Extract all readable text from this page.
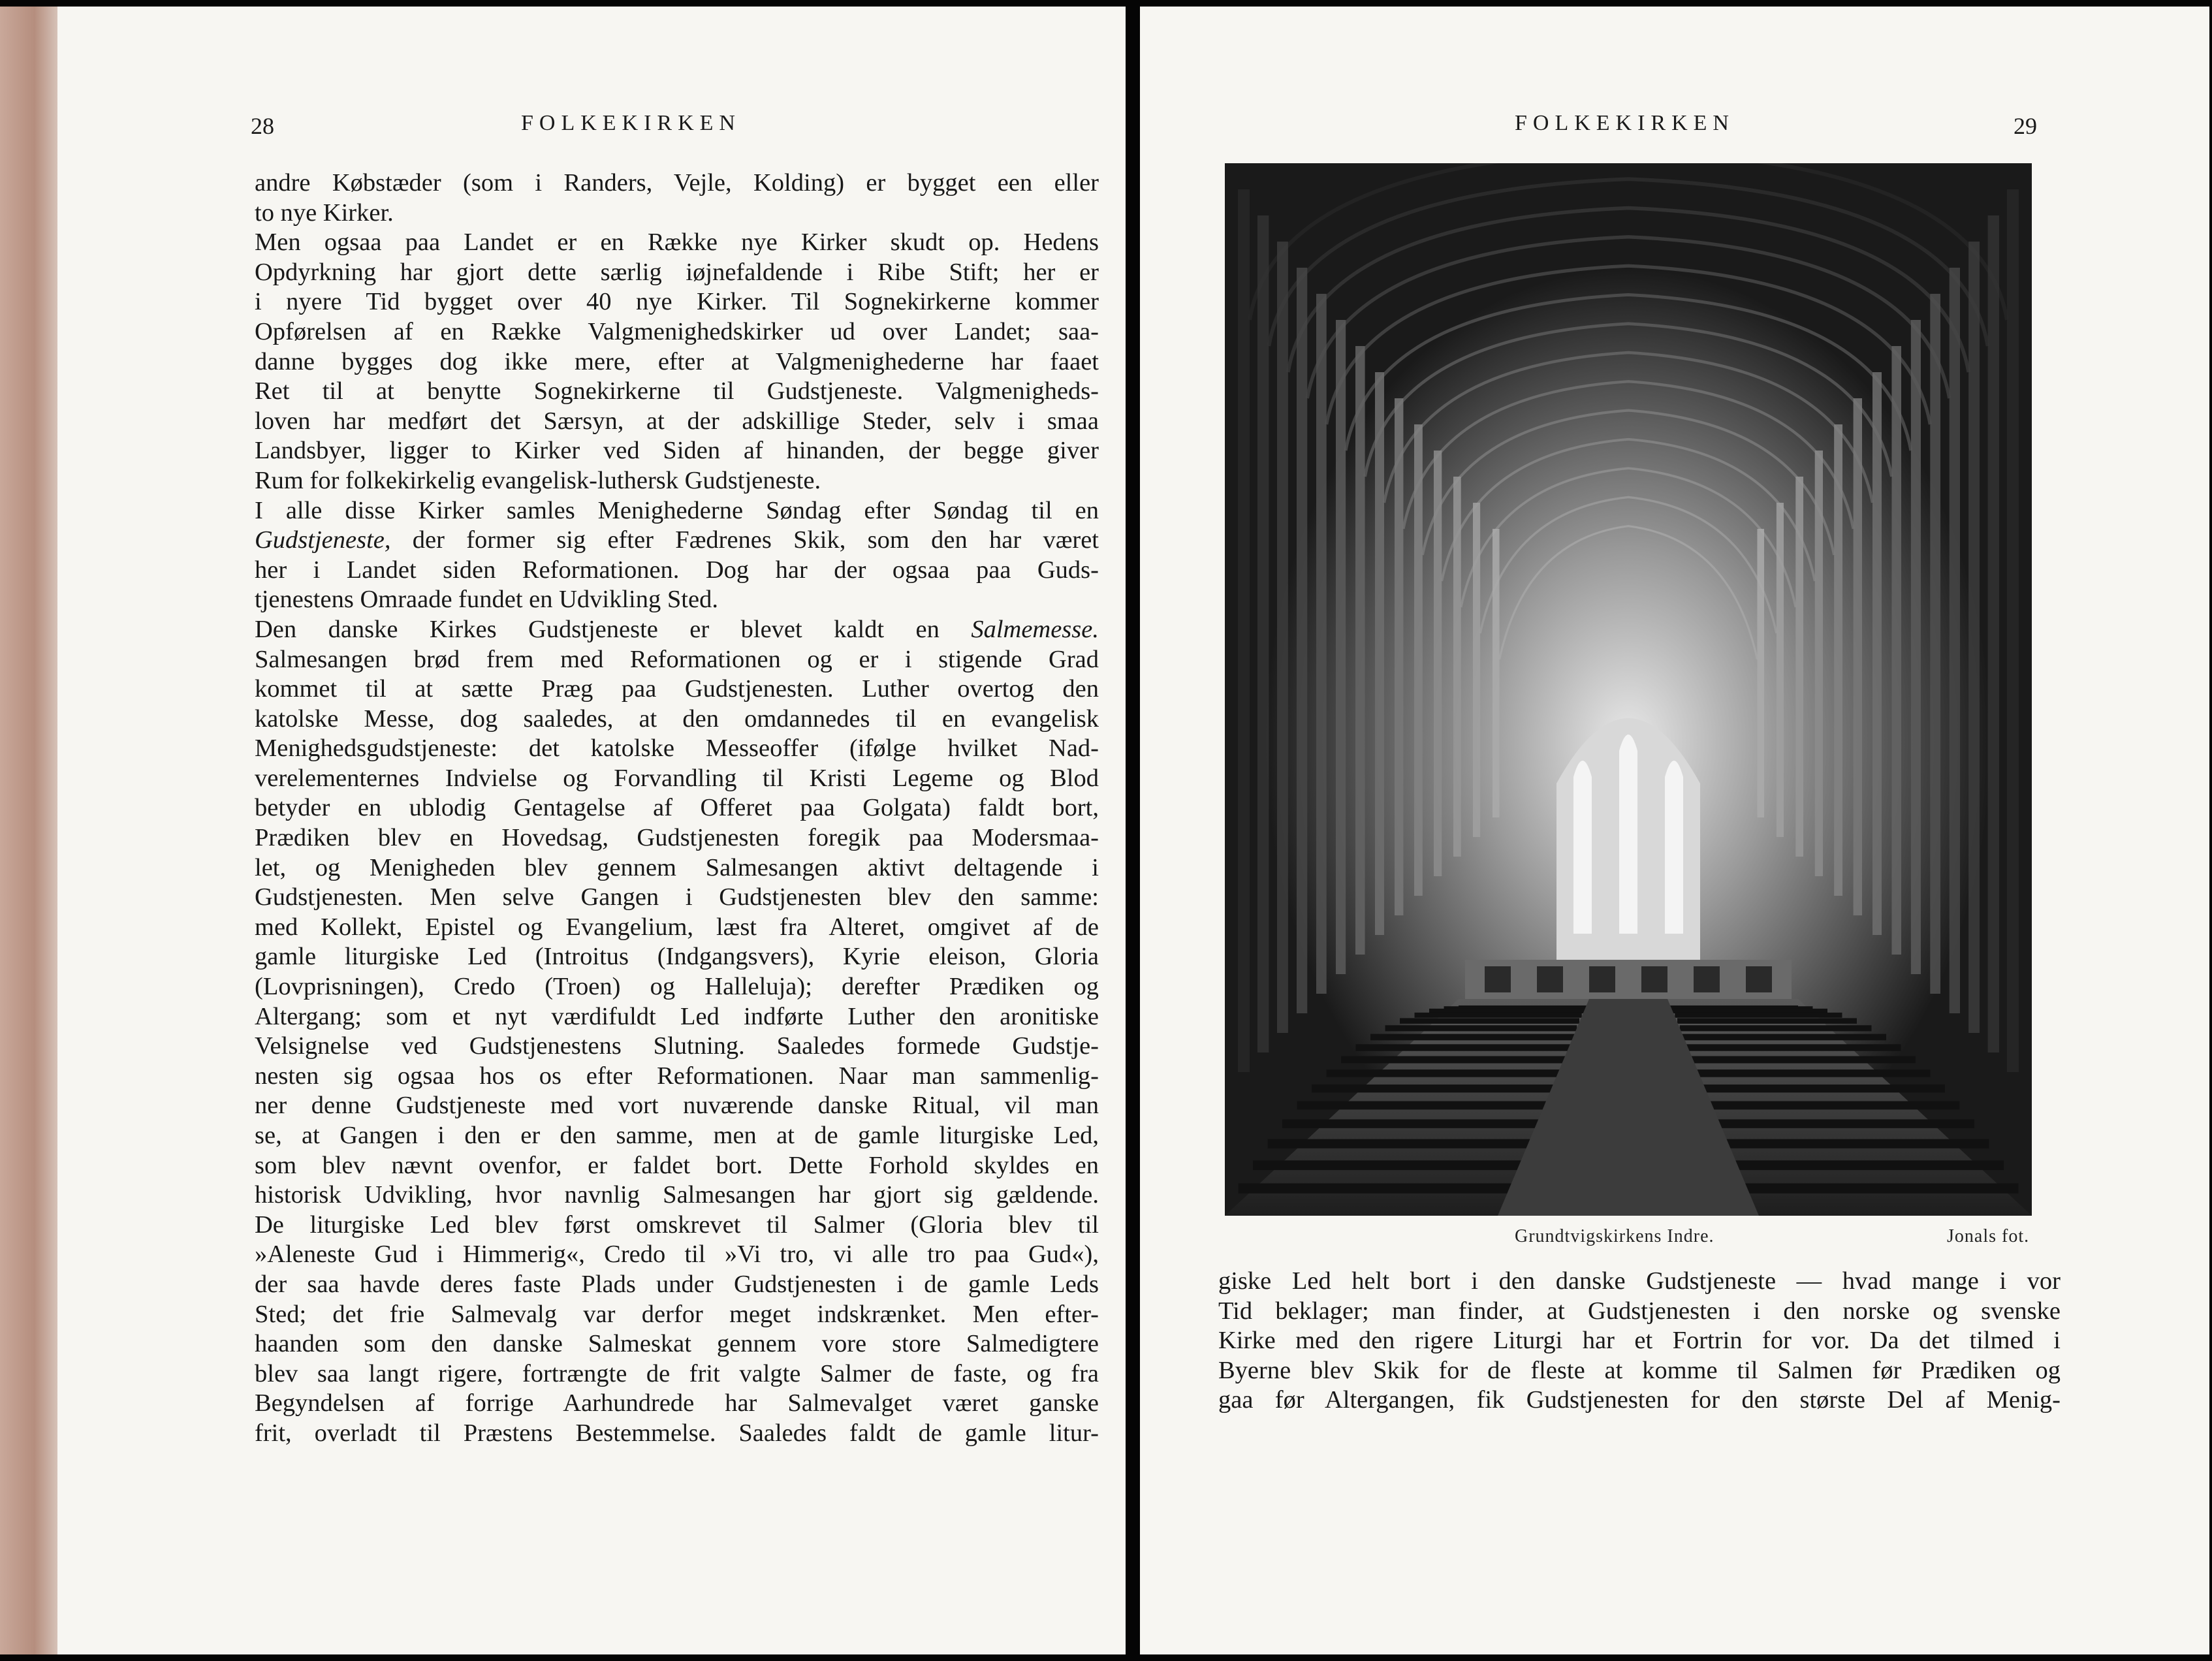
28	FOLKEKIRKEN
andre Købstæder (som i Randers, Vejle, Kolding) er bygget een eller
to nye Kirker.
Men ogsaa paa Landet er en Række nye Kirker skudt op. Hedens
Opdyrkning har gjort dette særlig iøjnefaldende i Ribe Stift; her er
i nyere Tid bygget over 40 nye Kirker. Til Sognekirkerne kommer
Opførelsen af en Række Valgmenighedskirker ud over Landet; saa-
danne bygges dog ikke mere, efter at Valgmenighederne har faaet
Ret til at benytte Sognekirkerne til Gudstjeneste. Valgmenigheds-
loven har medført det Særsyn, at der adskillige Steder, selv i smaa
Landsbyer, ligger to Kirker ved Siden af hinanden, der begge giver
Rum for folkekirkelig evangelisk-luthersk Gudstjeneste.
I alle disse Kirker samles Menighederne Søndag efter Søndag til en
Gudstjeneste, der former sig efter Fædrenes Skik, som den har været
her i Landet siden Reformationen. Dog har der ogsaa paa Guds-
tjenestens Omraade fundet en Udvikling Sted.
Den danske Kirkes Gudstjeneste er blevet kaldt en Salmemesse.
Salmesangen brød frem med Reformationen og er i stigende Grad
kommet til at sætte Præg paa Gudstjenesten. Luther overtog den
katolske Messe, dog saaledes, at den omdannedes til en evangelisk
Menighedsgudstjeneste: det katolske Messeoffer (ifølge hvilket Nad-
verelementernes Indvielse og Forvandling til Kristi Legeme og Blod
betyder en ublodig Gentagelse af Offeret paa Golgata) faldt bort,
Prædiken blev en Hovedsag, Gudstjenesten foregik paa Modersmaa-
let, og Menigheden blev gennem Salmesangen aktivt deltagende i
Gudstjenesten. Men selve Gangen i Gudstjenesten blev den samme:
med Kollekt, Epistel og Evangelium, læst fra Alteret, omgivet af de
gamle liturgiske Led (Introitus (Indgangsvers), Kyrie eleison, Gloria
(Lovprisningen), Credo (Troen) og Halleluja); derefter Prædiken og
Altergang; som et nyt værdifuldt Led indførte Luther den aronitiske
Velsignelse ved Gudstjenestens Slutning. Saaledes formede Gudstje-
nesten sig ogsaa hos os efter Reformationen. Naar man sammenlig-
ner denne Gudstjeneste med vort nuværende danske Ritual, vil man
se, at Gangen i den er den samme, men at de gamle liturgiske Led,
som blev nævnt ovenfor, er faldet bort. Dette Forhold skyldes en
historisk Udvikling, hvor navnlig Salmesangen har gjort sig gældende.
De liturgiske Led blev først omskrevet til Salmer (Gloria blev til
»Aleneste Gud i Himmerig«, Credo til »Vi tro, vi alle tro paa Gud«),
der saa havde deres faste Plads under Gudstjenesten i de gamle Leds
Sted; det frie Salmevalg var derfor meget indskrænket. Men efter-
haanden som den danske Salmeskat gennem vore store Salmedigtere
blev saa langt rigere, fortrængte de frit valgte Salmer de faste, og fra
Begyndelsen af forrige Aarhundrede har Salmevalget været ganske
frit, overladt til Præstens Bestemmelse. Saaledes faldt de gamle litur-
FOLKEKIRKEN	29
Grundtvigskirkens Indre.	Jonals fot.
giske Led helt bort i den danske Gudstjeneste — hvad mange i vor
Tid beklager; man finder, at Gudstjenesten i den norske og svenske
Kirke med den rigere Liturgi har et Fortrin for vor. Da det tilmed i
Byerne blev Skik for de fleste at komme til Salmen før Prædiken og
gaa før Altergangen, fik Gudstjenesten for den største Del af Menig-
